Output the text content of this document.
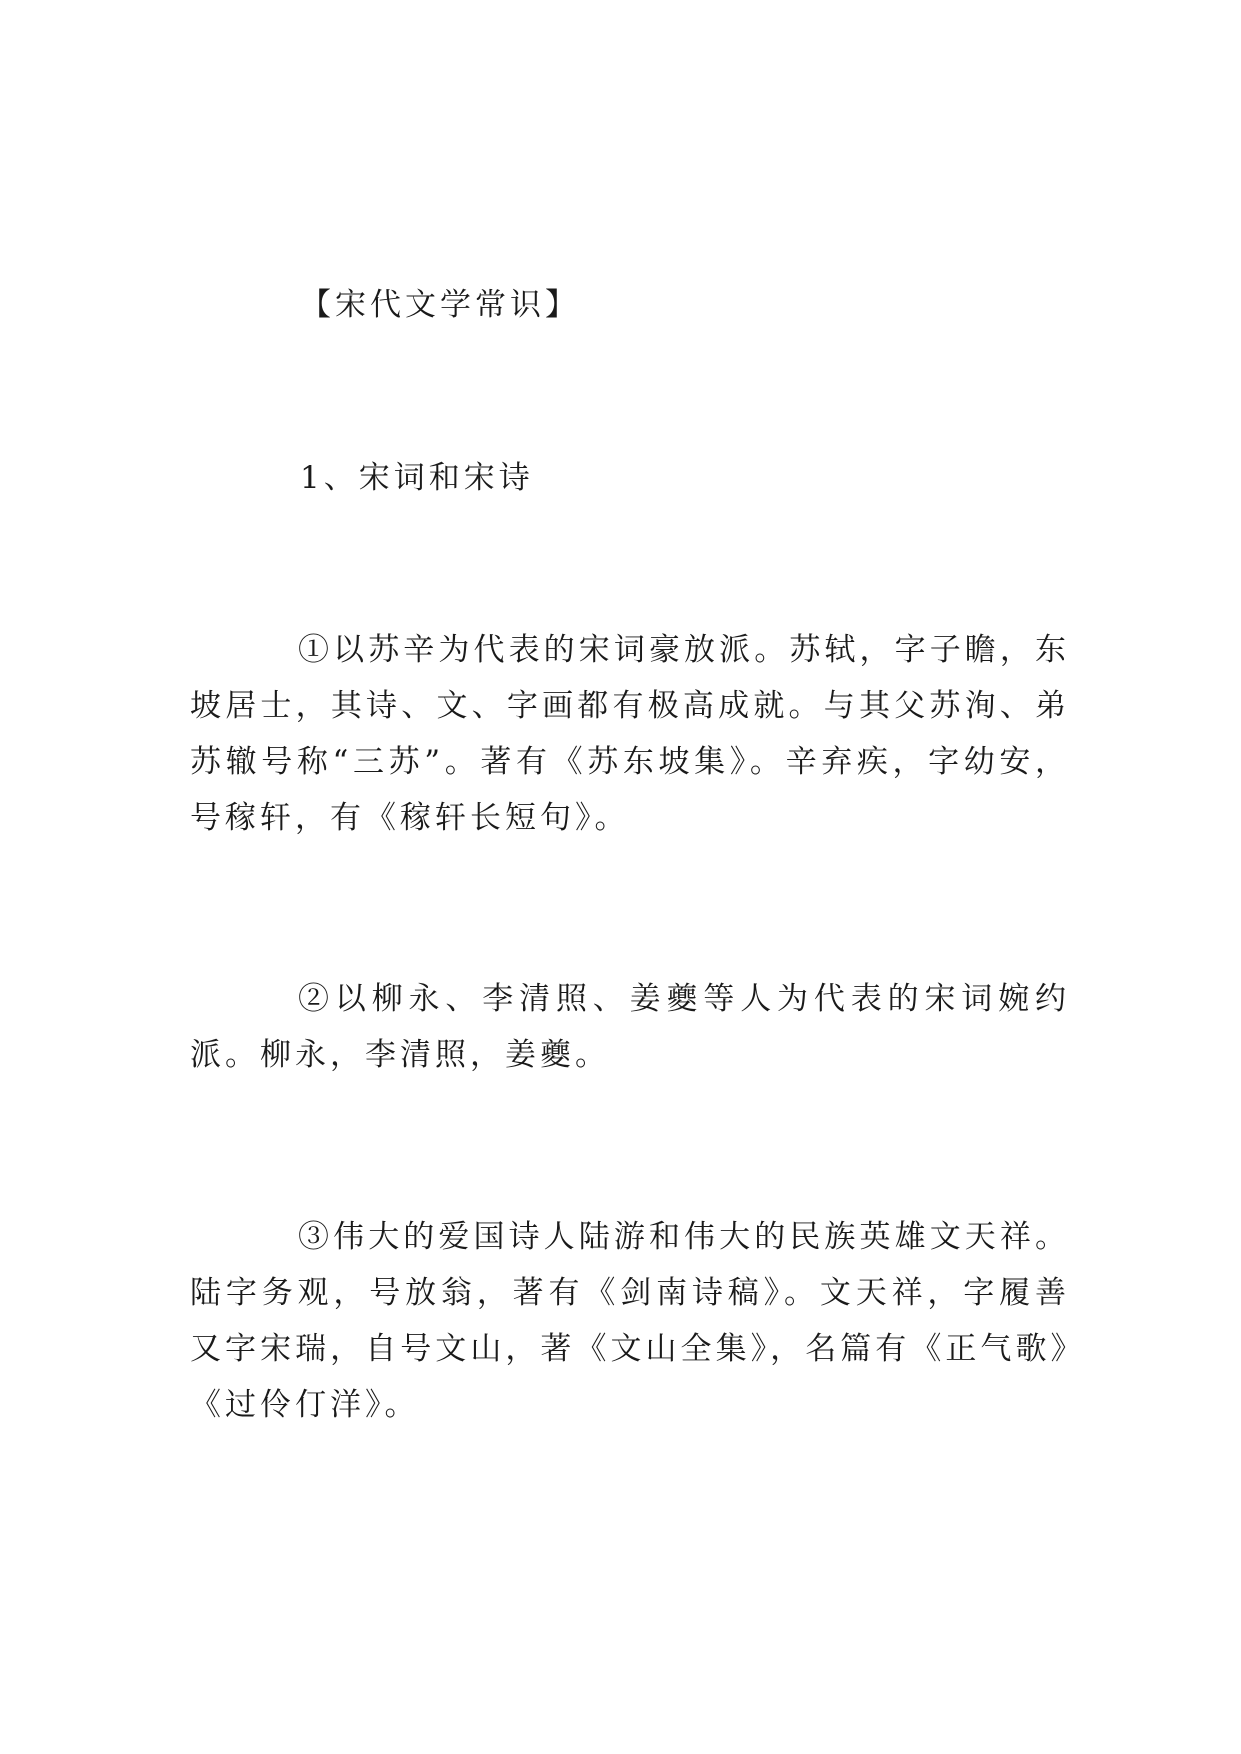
【宋代文学常识】
1、宋词和宋诗

①以苏辛为代表的宋词豪放派。苏轼，字子瞻，东坡居士，其诗、文、字画都有极高成就。与其父苏洵、弟苏辙号称“三苏”。著有《苏东坡集》。辛弃疾，字幼安，号稼轩，有《稼轩长短句》。

②以柳永、李清照、姜夔等人为代表的宋词婉约派。柳永，李清照，姜夔。

③伟大的爱国诗人陆游和伟大的民族英雄文天祥。陆字务观，号放翁，著有《剑南诗稿》。文天祥，字履善又字宋瑞，自号文山，著《文山全集》，名篇有《正气歌》《过伶仃洋》。
